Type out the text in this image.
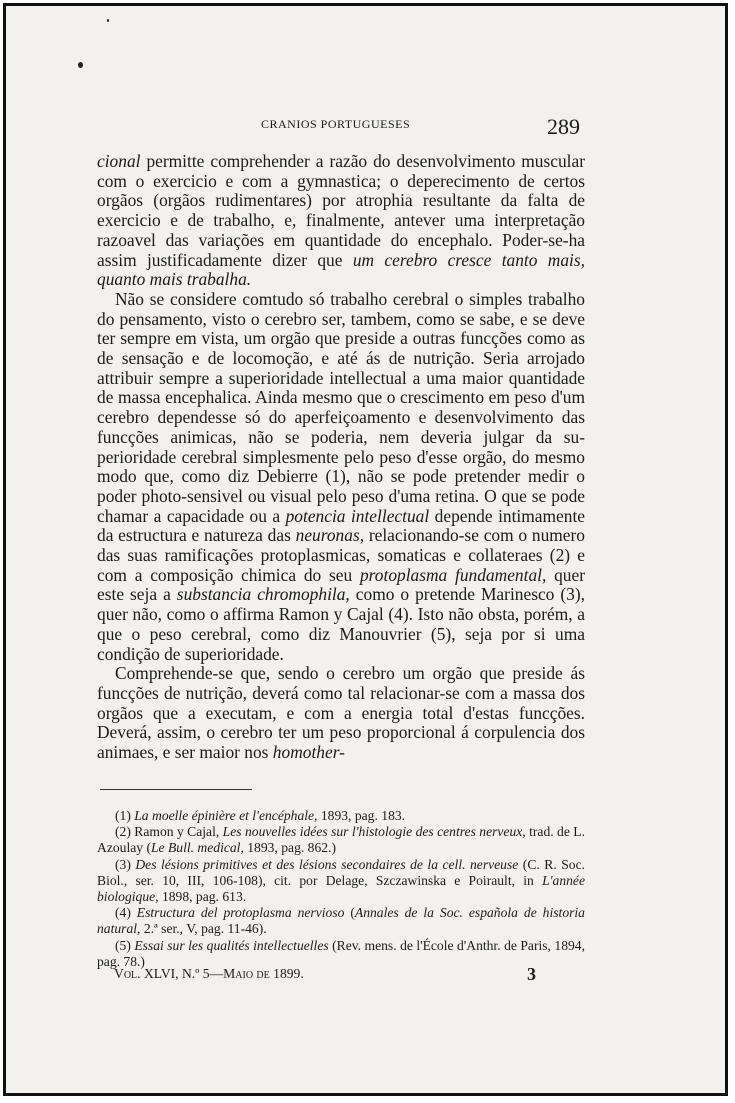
CRANIOS PORTUGUESES	289

cional permitte comprehender a razão do desenvolvimento muscular com o exercicio e com a gymnastica; o deperecimento de certos orgãos (orgãos rudimentares) por atrophia resultante da falta de exercicio e de trabalho, e, finalmente, antever uma interpretação razoavel das variações em quantidade do encephalo. Poder-se-ha assim justificadamente dizer que um cerebro cresce tanto mais, quanto mais trabalha.

Não se considere comtudo só trabalho cerebral o simples trabalho do pensamento, visto o cerebro ser, tambem, como se sabe, e se deve ter sempre em vista, um orgão que preside a outras funcções como as de sensação e de locomoção, e até ás de nutrição. Seria arrojado attribuir sempre a superioridade intellectual a uma maior quantidade de massa encephalica. Ainda mesmo que o crescimento em peso d'um cerebro dependesse só do aperfeiçoamento e desenvolvimento das funcções animicas, não se poderia, nem deveria julgar da superioridade cerebral simplesmente pelo peso d'esse orgão, do mesmo modo que, como diz Debierre (1), não se pode pretender medir o poder photo-sensivel ou visual pelo peso d'uma retina. O que se pode chamar a capacidade ou a potencia intellectual depende intimamente da estructura e natureza das neuronas, relacionando-se com o numero das suas ramificações protoplasmicas, somaticas e collateraes (2) e com a composição chimica do seu protoplasma fundamental, quer este seja a substancia chromophila, como o pretende Marinesco (3), quer não, como o affirma Ramon y Cajal (4). Isto não obsta, porém, a que o peso cerebral, como diz Manouvrier (5), seja por si uma condição de superioridade.

Comprehende-se que, sendo o cerebro um orgão que preside ás funcções de nutrição, deverá como tal relacionar-se com a massa dos orgãos que a executam, e com a energia total d'estas funcções. Deverá, assim, o cerebro ter um peso proporcional á corpulencia dos animaes, e ser maior nos homother-

(1) La moelle épinière et l'encéphale, 1893, pag. 183.

(2) Ramon y Cajal, Les nouvelles idées sur l'histologie des centres nerveux, trad. de L. Azoulay (Le Bull. medical, 1893, pag. 862.)

(3) Des lésions primitives et des lésions secondaires de la cell. nerveuse (C. R. Soc. Biol., ser. 10, III, 106-108), cit. por Delage, Szczawinska e Poirault, in L'année biologique, 1898, pag. 613.

(4) Estructura del protoplasma nervioso (Annales de la Soc. española de historia natural, 2.ª ser., V, pag. 11-46).

(5) Essai sur les qualités intellectuelles (Rev. mens. de l'École d'Anthr. de Paris, 1894, pag. 78.)

Vol. XLVI, N.º 5—Maio de 1899.	3
